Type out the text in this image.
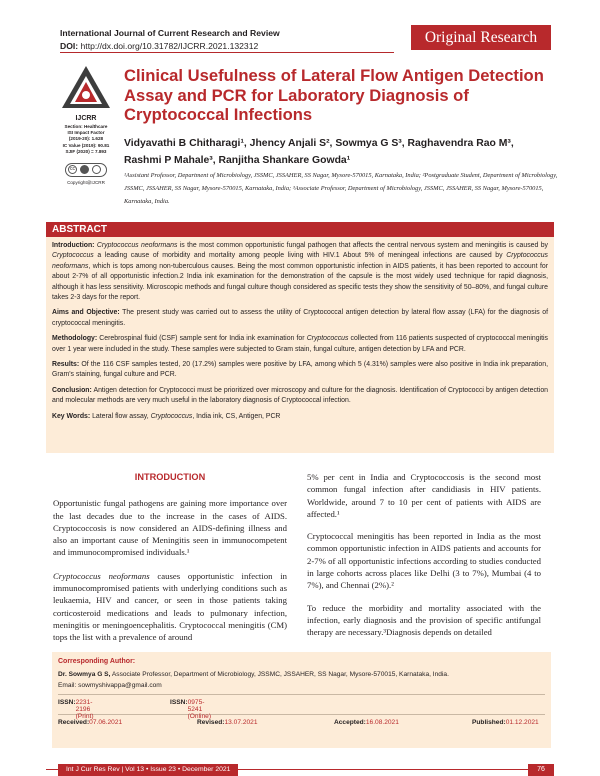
International Journal of Current Research and Review
DOI: http://dx.doi.org/10.31782/IJCRR.2021.132312	Original Research
IJCRR
Section: Healthcare
ISI Impact Factor
(2019-20): 1.628
IC Value (2019): 90.81
SJIF (2020) = 7.893
cc
Copyright@IJCRR
Clinical Usefulness of Lateral Flow Antigen Detection Assay and PCR for Laboratory Diagnosis of Cryptococcal Infections
Vidyavathi B Chitharagi¹, Jhency Anjali S², Sowmya G S³, Raghavendra Rao M³,
Rashmi P Mahale³, Ranjitha Shankare Gowda¹
¹Assistant Professor, Department of Microbiology, JSSMC, JSSAHER, SS Nagar, Mysore-570015, Karnataka, India; ²Postgraduate Student, Department of Microbiology, JSSMC, JSSAHER, SS Nagar, Mysore-570015, Karnataka, India; ³Associate Professor, Department of Microbiology, JSSMC, JSSAHER, SS Nagar, Mysore-570015, Karnataka, India.
ABSTRACT

Introduction: Cryptococcus neoformans is the most common opportunistic fungal pathogen that affects the central nervous system and meningitis is caused by Cryptococcus a leading cause of morbidity and mortality among people living with HIV.1 About 5% of meningeal infections are caused by Cryptococcus neoformans, which is tops among non-tuberculous causes. Being the most common opportunistic infection in AIDS patients, it has been reported to account for about 2-7% of all opportunistic infection.2 India ink examination for the demonstration of the capsule is the most widely used technique for rapid diagnosis, although it has less sensitivity. Microscopic methods and fungal culture though considered as specific tests they show the sensitivity of 50–80%, and fungal culture takes 2-3 days for the report.

Aims and Objective: The present study was carried out to assess the utility of Cryptococcal antigen detection by lateral flow assay (LFA) for the diagnosis of cryptococcal meningitis.

Methodology: Cerebrospinal fluid (CSF) sample sent for India ink examination for Cryptococcus collected from 116 patients suspected of cryptococcal meningitis over 1 year were included in the study. These samples were subjected to Gram stain, fungal culture, antigen detection by LFA and PCR.

Results: Of the 116 CSF samples tested, 20 (17.2%) samples were positive by LFA, among which 5 (4.31%) samples were also positive in India ink preparation, Gram's staining, fungal culture and PCR.

Conclusion: Antigen detection for Cryptococci must be prioritized over microscopy and culture for the diagnosis. Identification of Cryptococci by antigen detection and molecular methods are very much useful in the laboratory diagnosis of Cryptococcal infection.

Key Words: Lateral flow assay, Cryptococcus, India ink, CS, Antigen, PCR

INTRODUCTION

Opportunistic fungal pathogens are gaining more importance over the last decades due to the increase in the cases of AIDS. Cryptococcosis is now considered an AIDS-defining illness and also an important cause of Meningitis seen in immunocompetent and immunocompromised individuals.¹

Cryptococcus neoformans causes opportunistic infection in immunocompromised patients with underlying conditions such as leukaemia, HIV and cancer, or seen in those patients taking corticosteroid medications and leads to pulmonary infection, meningitis or meningoencephalitis. Cryptococcal meningitis (CM) tops the list with a prevalence of around

5% per cent in India and Cryptococcosis is the second most common fungal infection after candidiasis in HIV patients. Worldwide, around 7 to 10 per cent of patients with AIDS are affected.¹

Cryptococcal meningitis has been reported in India as the most common opportunistic infection in AIDS patients and accounts for 2-7% of all opportunistic infections according to studies conducted in large cohorts across places like Delhi (3 to 7%), Mumbai (4 to 7%), and Chennai (2%).²

To reduce the morbidity and mortality associated with the infection, early diagnosis and the provision of specific antifungal therapy are necessary.³Diagnosis depends on detailed

Corresponding Author:
Dr. Sowmya G S, Associate Professor, Department of Microbiology, JSSMC, JSSAHER, SS Nagar, Mysore-570015, Karnataka, India.
Email: sowmyshivappa@gmail.com
ISSN: 2231-2196 (Print)
ISSN: 0975-5241 (Online)
Received: 07.06.2021	Revised: 13.07.2021	Accepted: 16.08.2021	Published: 01.12.2021
Int J Cur Res Rev | Vol 13 • Issue 23 • December 2021	76
